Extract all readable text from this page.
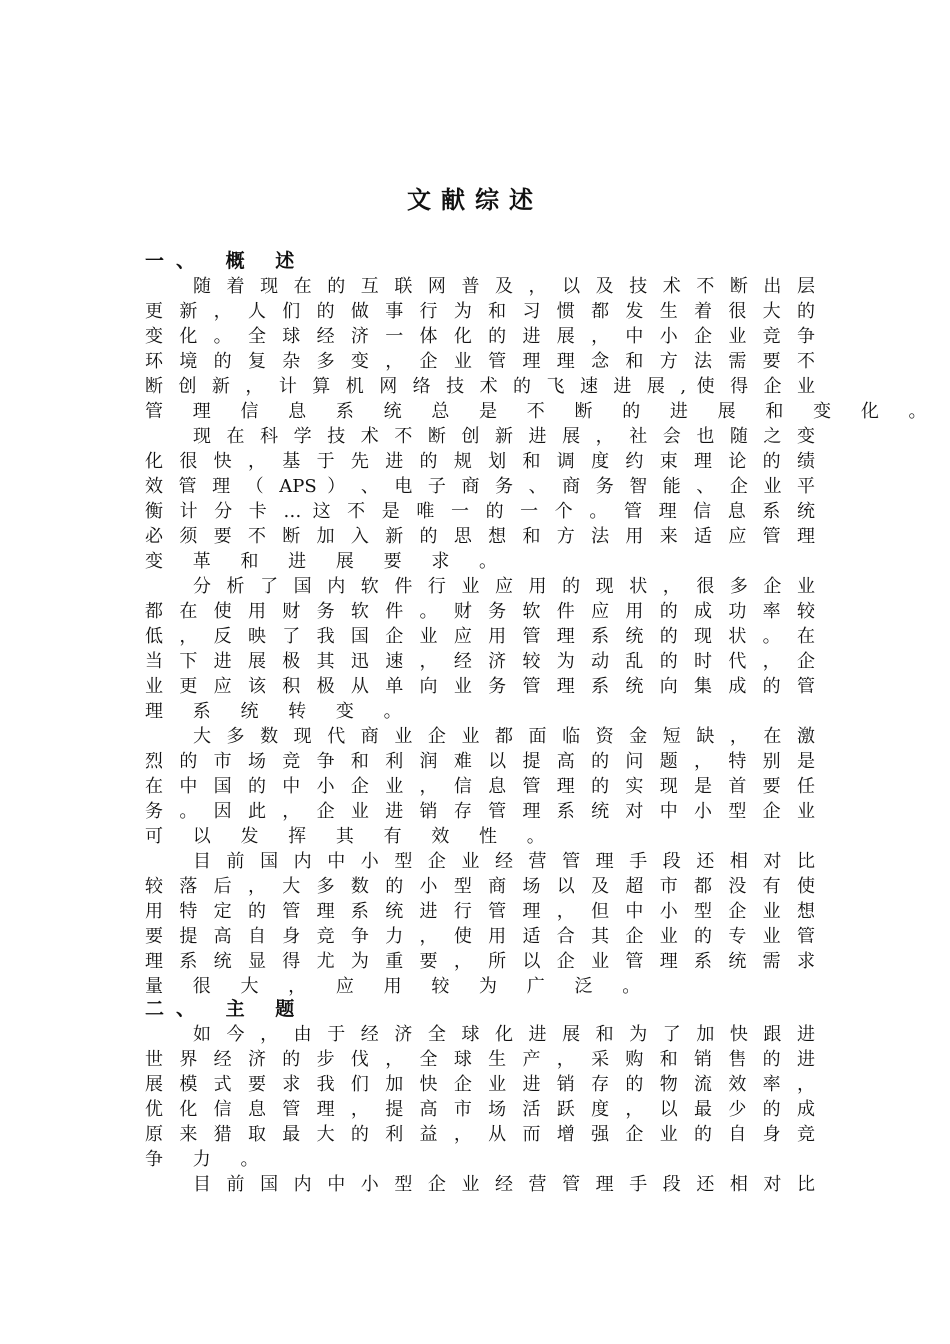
文献综述
一、 概 述
随 着 现 在 的 互 联 网 普 及 ， 以 及 技 术 不 断 出 层
更 新 ， 人 们 的 做 事 行 为 和 习 惯 都 发 生 着 很 大 的
变 化 。 全 球 经 济 一 体 化 的 进 展 ， 中 小 企 业 竞 争
环 境 的 复 杂 多 变 ， 企 业 管 理 理 念 和 方 法 需 要 不
断 创 新 ， 计 算 机 网 络 技 术 的 飞 速 进 展 , 使 得 企 业
管 理 信 息 系 统 总 是 不 断 的 进 展 和 变 化 。
现 在 科 学 技 术 不 断 创 新 进 展 ， 社 会 也 随 之 变
化 很 快 ， 基 于 先 进 的 规 划 和 调 度 约 束 理 论 的 绩
效 管 理 （ APS ） 、 电 子 商 务 、 商 务 智 能 、 企 业 平
衡 计 分 卡 … 这 不 是 唯 一 的 一 个 。 管 理 信 息 系 统
必 须 要 不 断 加 入 新 的 思 想 和 方 法 用 来 适 应 管 理
变 革 和 进 展 要 求 。
分 析 了 国 内 软 件 行 业 应 用 的 现 状 ， 很 多 企 业
都 在 使 用 财 务 软 件 。 财 务 软 件 应 用 的 成 功 率 较
低 ， 反 映 了 我 国 企 业 应 用 管 理 系 统 的 现 状 。 在
当 下 进 展 极 其 迅 速 ， 经 济 较 为 动 乱 的 时 代 ， 企
业 更 应 该 积 极 从 单 向 业 务 管 理 系 统 向 集 成 的 管
理 系 统 转 变 。
大 多 数 现 代 商 业 企 业 都 面 临 资 金 短 缺 ， 在 激
烈 的 市 场 竞 争 和 利 润 难 以 提 高 的 问 题 ， 特 别 是
在 中 国 的 中 小 企 业 ， 信 息 管 理 的 实 现 是 首 要 任
务 。 因 此 ， 企 业 进 销 存 管 理 系 统 对 中 小 型 企 业
可 以 发 挥 其 有 效 性 。
目 前 国 内 中 小 型 企 业 经 营 管 理 手 段 还 相 对 比
较 落 后 ， 大 多 数 的 小 型 商 场 以 及 超 市 都 没 有 使
用 特 定 的 管 理 系 统 进 行 管 理 ， 但 中 小 型 企 业 想
要 提 高 自 身 竞 争 力 ， 使 用 适 合 其 企 业 的 专 业 管
理 系 统 显 得 尤 为 重 要 ， 所 以 企 业 管 理 系 统 需 求
量 很 大 ， 应 用 较 为 广 泛 。
二、 主 题
如 今 ， 由 于 经 济 全 球 化 进 展 和 为 了 加 快 跟 进
世 界 经 济 的 步 伐 ， 全 球 生 产 ， 采 购 和 销 售 的 进
展 模 式 要 求 我 们 加 快 企 业 进 销 存 的 物 流 效 率 ，
优 化 信 息 管 理 ， 提 高 市 场 活 跃 度 ， 以 最 少 的 成
原 来 猎 取 最 大 的 利 益 ， 从 而 增 强 企 业 的 自 身 竞
争 力 。
目 前 国 内 中 小 型 企 业 经 营 管 理 手 段 还 相 对 比
